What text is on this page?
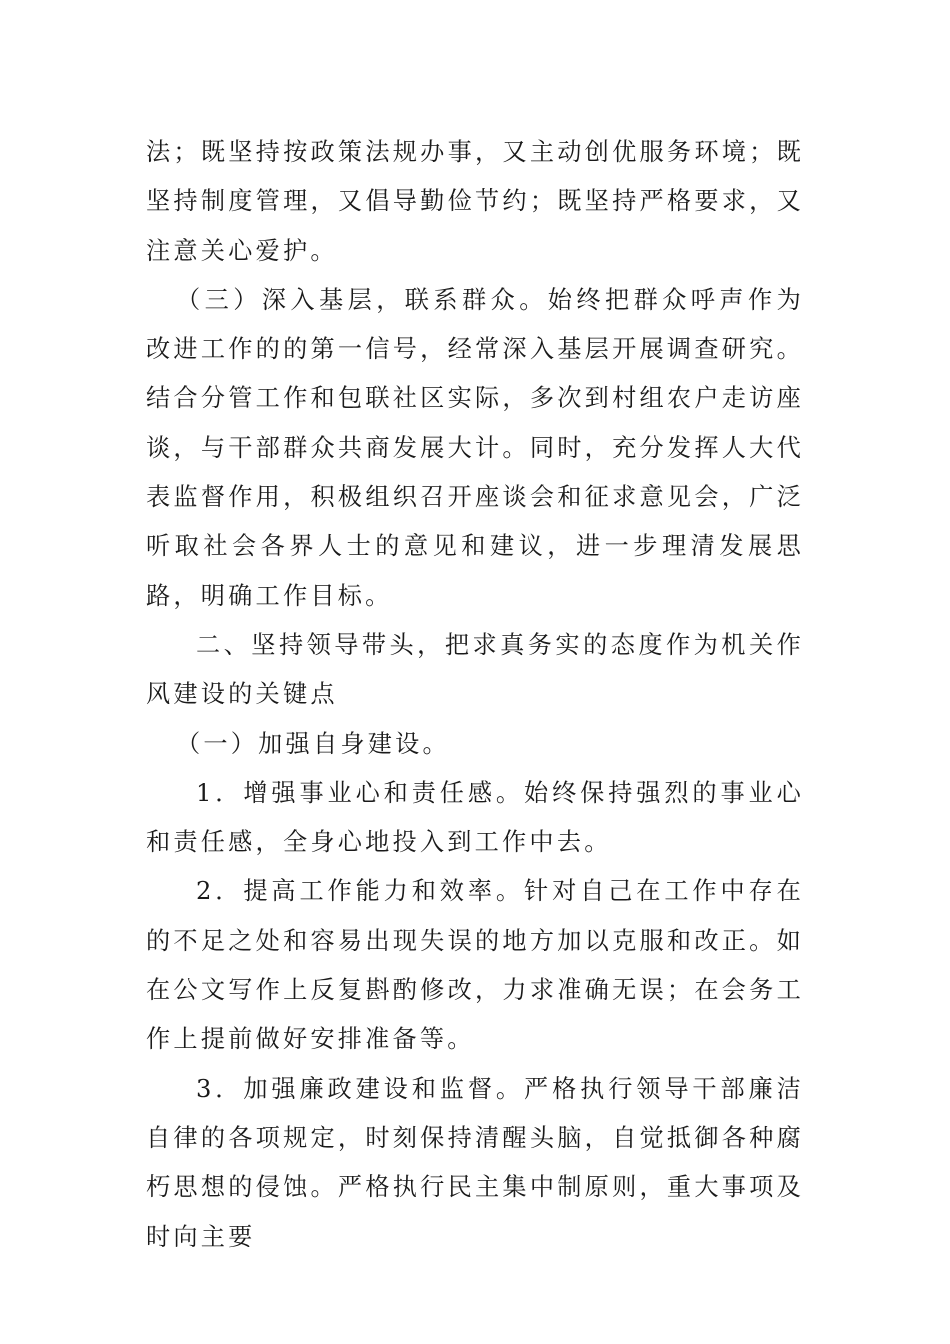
法；既坚持按政策法规办事，又主动创优服务环境；既坚持制度管理，又倡导勤俭节约；既坚持严格要求，又注意关心爱护。

（三）深入基层，联系群众。始终把群众呼声作为改进工作的的第一信号，经常深入基层开展调查研究。结合分管工作和包联社区实际，多次到村组农户走访座谈，与干部群众共商发展大计。同时，充分发挥人大代表监督作用，积极组织召开座谈会和征求意见会，广泛听取社会各界人士的意见和建议，进一步理清发展思路，明确工作目标。

二、坚持领导带头，把求真务实的态度作为机关作风建设的关键点

（一）加强自身建设。

1．增强事业心和责任感。始终保持强烈的事业心和责任感，全身心地投入到工作中去。

2．提高工作能力和效率。针对自己在工作中存在的不足之处和容易出现失误的地方加以克服和改正。如在公文写作上反复斟酌修改，力求准确无误；在会务工作上提前做好安排准备等。

3．加强廉政建设和监督。严格执行领导干部廉洁自律的各项规定，时刻保持清醒头脑，自觉抵御各种腐朽思想的侵蚀。严格执行民主集中制原则，重大事项及时向主要
